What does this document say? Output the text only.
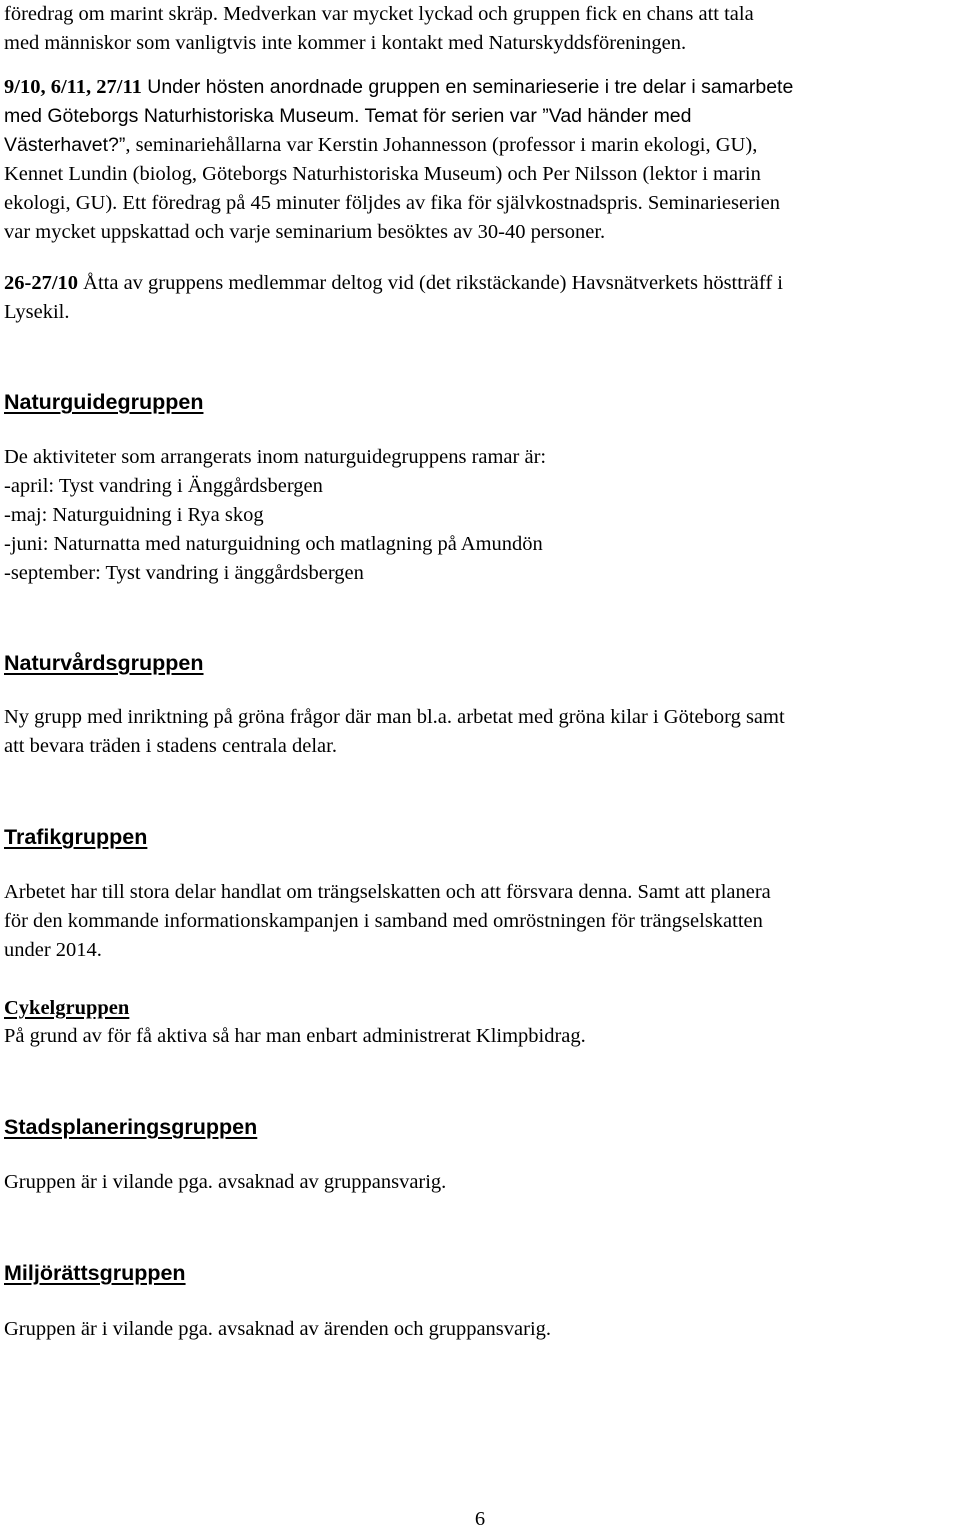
föredrag om marint skräp. Medverkan var mycket lyckad och gruppen fick en chans att tala
med människor som vanligtvis inte kommer i kontakt med Naturskyddsföreningen.

9/10, 6/11, 27/11 Under hösten anordnade gruppen en seminarieserie i tre delar i samarbete
med Göteborgs Naturhistoriska Museum. Temat för serien var ”Vad händer med
Västerhavet?”, seminariehållarna var Kerstin Johannesson (professor i marin ekologi, GU),
Kennet Lundin (biolog, Göteborgs Naturhistoriska Museum) och Per Nilsson (lektor i marin
ekologi, GU). Ett föredrag på 45 minuter följdes av fika för självkostnadspris. Seminarieserien
var mycket uppskattad och varje seminarium besöktes av 30-40 personer.

26-27/10 Åtta av gruppens medlemmar deltog vid (det rikstäckande) Havsnätverkets höstträff i
Lysekil.

Naturguidegruppen
De aktiviteter som arrangerats inom naturguidegruppens ramar är:
-april: Tyst vandring i Änggårdsbergen
-maj: Naturguidning i Rya skog
-juni: Naturnatta med naturguidning och matlagning på Amundön
-september: Tyst vandring i änggårdsbergen
Naturvårdsgruppen

Ny grupp med inriktning på gröna frågor där man bl.a. arbetat med gröna kilar i Göteborg samt
att bevara träden i stadens centrala delar.

Trafikgruppen

Arbetet har till stora delar handlat om trängselskatten och att försvara denna. Samt att planera
för den kommande informationskampanjen i samband med omröstningen för trängselskatten
under 2014.

Cykelgruppen

På grund av för få aktiva så har man enbart administrerat Klimpbidrag.

Stadsplaneringsgruppen

Gruppen är i vilande pga. avsaknad av gruppansvarig.

Miljörättsgruppen

Gruppen är i vilande pga. avsaknad av ärenden och gruppansvarig.

6
